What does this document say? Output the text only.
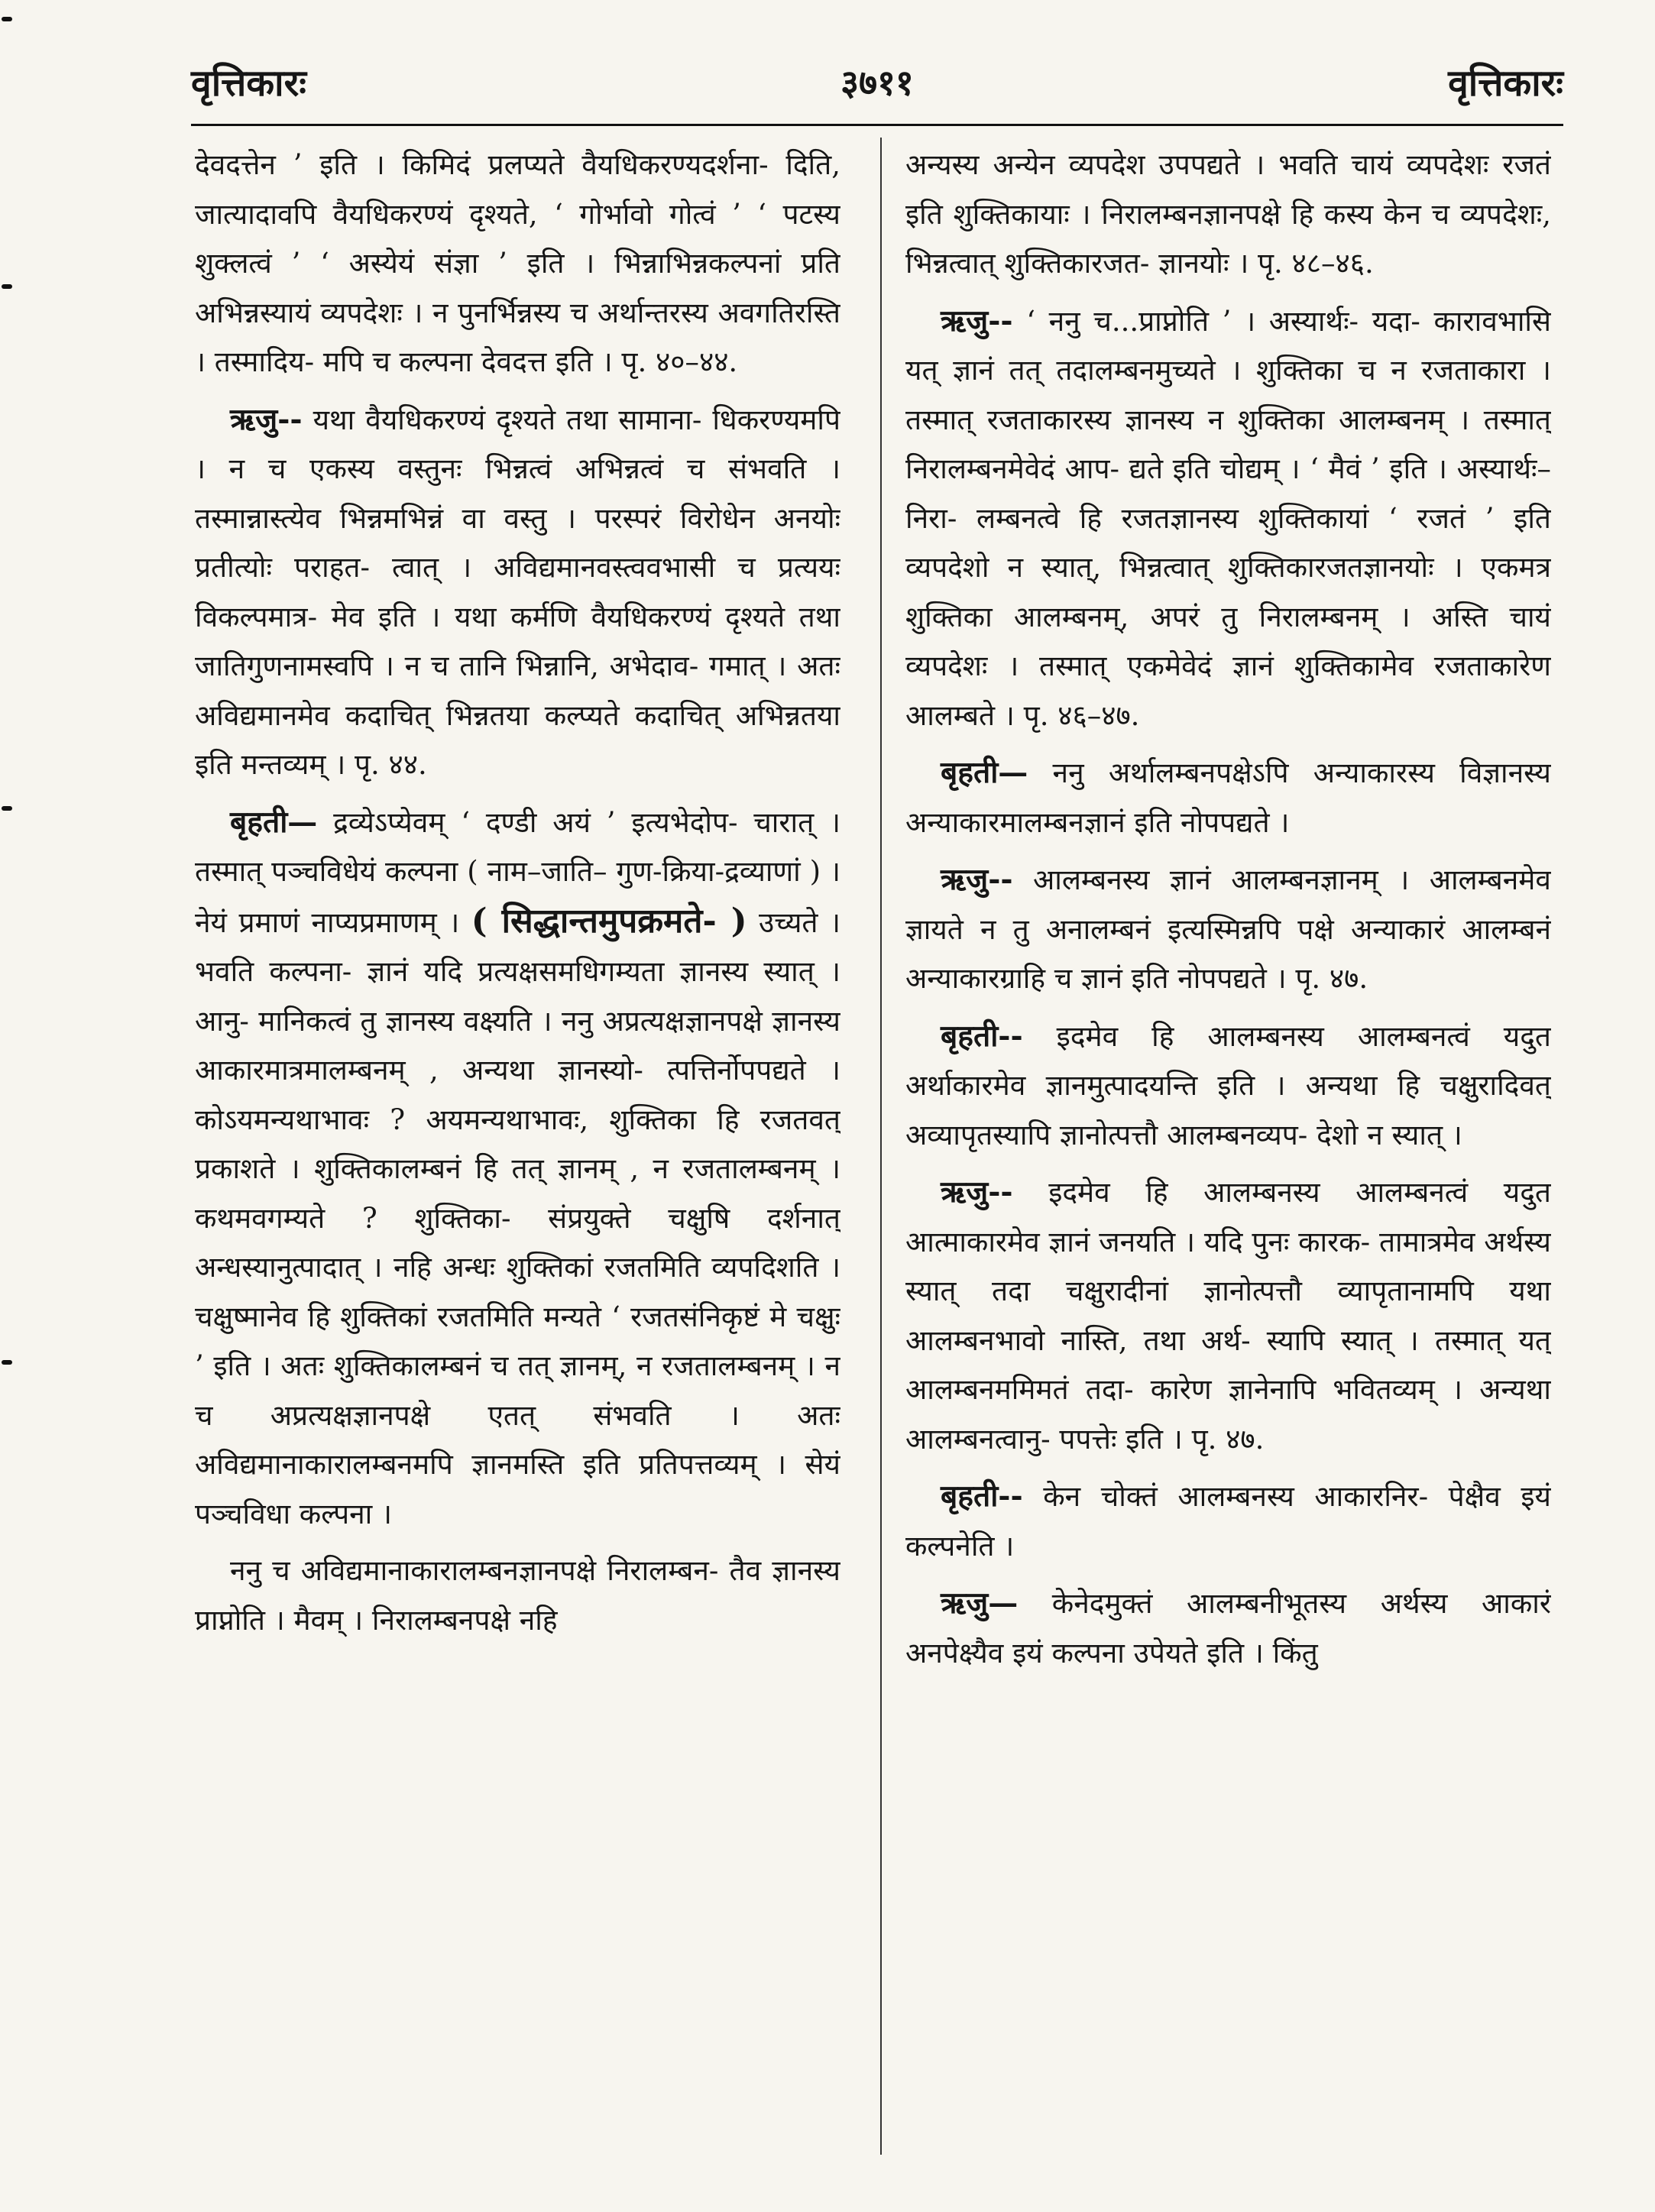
वृत्तिकारः	३७११	वृत्तिकारः

देवदत्तेन ’ इति । किमिदं प्रलप्यते वैयधिकरण्यदर्शना- दिति, जात्यादावपि वैयधिकरण्यं दृश्यते, ‘ गोर्भावो गोत्वं ’ ‘ पटस्य शुक्लत्वं ’ ‘ अस्येयं संज्ञा ’ इति । भिन्नाभिन्नकल्पनां प्रति अभिन्नस्यायं व्यपदेशः । न पुनर्भिन्नस्य च अर्थान्तरस्य अवगतिरस्ति । तस्मादिय- मपि च कल्पना देवदत्त इति । पृ. ४०–४४.

ऋजु-- यथा वैयधिकरण्यं दृश्यते तथा सामाना- धिकरण्यमपि । न च एकस्य वस्तुनः भिन्नत्वं अभिन्नत्वं च संभवति । तस्मान्नास्त्येव भिन्नमभिन्नं वा वस्तु । परस्परं विरोधेन अनयोः प्रतीत्योः पराहत- त्वात् । अविद्यमानवस्त्ववभासी च प्रत्ययः विकल्पमात्र- मेव इति । यथा कर्मणि वैयधिकरण्यं दृश्यते तथा जातिगुणनामस्वपि । न च तानि भिन्नानि, अभेदाव- गमात् । अतः अविद्यमानमेव कदाचित् भिन्नतया कल्प्यते कदाचित् अभिन्नतया इति मन्तव्यम् । पृ. ४४.

बृहती— द्रव्येऽप्येवम् ‘ दण्डी अयं ’ इत्यभेदोप- चारात् । तस्मात् पञ्चविधेयं कल्पना ( नाम–जाति– गुण-क्रिया-द्रव्याणां ) । नेयं प्रमाणं नाप्यप्रमाणम् । ( सिद्धान्तमुपक्रमते- ) उच्यते । भवति कल्पना- ज्ञानं यदि प्रत्यक्षसमधिगम्यता ज्ञानस्य स्यात् । आनु- मानिकत्वं तु ज्ञानस्य वक्ष्यति । ननु अप्रत्यक्षज्ञानपक्षे ज्ञानस्य आकारमात्रमालम्बनम् , अन्यथा ज्ञानस्यो- त्पत्तिर्नोपपद्यते । कोऽयमन्यथाभावः ? अयमन्यथाभावः, शुक्तिका हि रजतवत् प्रकाशते । शुक्तिकालम्बनं हि तत् ज्ञानम् , न रजतालम्बनम् । कथमवगम्यते ? शुक्तिका- संप्रयुक्ते चक्षुषि दर्शनात् अन्धस्यानुत्पादात् । नहि अन्धः शुक्तिकां रजतमिति व्यपदिशति । चक्षुष्मानेव हि शुक्तिकां रजतमिति मन्यते ‘ रजतसंनिकृष्टं मे चक्षुः ’ इति । अतः शुक्तिकालम्बनं च तत् ज्ञानम्, न रजतालम्बनम् । न च अप्रत्यक्षज्ञानपक्षे एतत् संभवति । अतः अविद्यमानाकारालम्बनमपि ज्ञानमस्ति इति प्रतिपत्तव्यम् । सेयं पञ्चविधा कल्पना ।

ननु च अविद्यमानाकारालम्बनज्ञानपक्षे निरालम्बन- तैव ज्ञानस्य प्राप्नोति । मैवम् । निरालम्बनपक्षे नहि

अन्यस्य अन्येन व्यपदेश उपपद्यते । भवति चायं व्यपदेशः रजतं इति शुक्तिकायाः । निरालम्बनज्ञानपक्षे हि कस्य केन च व्यपदेशः, भिन्नत्वात् शुक्तिकारजत- ज्ञानयोः । पृ. ४८–४६.

ऋजु-- ‘ ननु च...प्राप्नोति ’ । अस्यार्थः- यदा- कारावभासि यत् ज्ञानं तत् तदालम्बनमुच्यते । शुक्तिका च न रजताकारा । तस्मात् रजताकारस्य ज्ञानस्य न शुक्तिका आलम्बनम् । तस्मात् निरालम्बनमेवेदं आप- द्यते इति चोद्यम् । ‘ मैवं ’ इति । अस्यार्थः– निरा- लम्बनत्वे हि रजतज्ञानस्य शुक्तिकायां ‘ रजतं ’ इति व्यपदेशो न स्यात्, भिन्नत्वात् शुक्तिकारजतज्ञानयोः । एकमत्र शुक्तिका आलम्बनम्, अपरं तु निरालम्बनम् । अस्ति चायं व्यपदेशः । तस्मात् एकमेवेदं ज्ञानं शुक्तिकामेव रजताकारेण आलम्बते । पृ. ४६–४७.

बृहती— ननु अर्थालम्बनपक्षेऽपि अन्याकारस्य विज्ञानस्य अन्याकारमालम्बनज्ञानं इति नोपपद्यते ।

ऋजु-- आलम्बनस्य ज्ञानं आलम्बनज्ञानम् । आलम्बनमेव ज्ञायते न तु अनालम्बनं इत्यस्मिन्नपि पक्षे अन्याकारं आलम्बनं अन्याकारग्राहि च ज्ञानं इति नोपपद्यते । पृ. ४७.

बृहती-- इदमेव हि आलम्बनस्य आलम्बनत्वं यदुत अर्थाकारमेव ज्ञानमुत्पादयन्ति इति । अन्यथा हि चक्षुरादिवत् अव्यापृतस्यापि ज्ञानोत्पत्तौ आलम्बनव्यप- देशो न स्यात् ।

ऋजु-- इदमेव हि आलम्बनस्य आलम्बनत्वं यदुत आत्माकारमेव ज्ञानं जनयति । यदि पुनः कारक- तामात्रमेव अर्थस्य स्यात् तदा चक्षुरादीनां ज्ञानोत्पत्तौ व्यापृतानामपि यथा आलम्बनभावो नास्ति, तथा अर्थ- स्यापि स्यात् । तस्मात् यत् आलम्बनममिमतं तदा- कारेण ज्ञानेनापि भवितव्यम् । अन्यथा आलम्बनत्वानु- पपत्तेः इति । पृ. ४७.

बृहती-- केन चोक्तं आलम्बनस्य आकारनिर- पेक्षैव इयं कल्पनेति ।

ऋजु— केनेदमुक्तं आलम्बनीभूतस्य अर्थस्य आकारं अनपेक्ष्यैव इयं कल्पना उपेयते इति । किंतु
